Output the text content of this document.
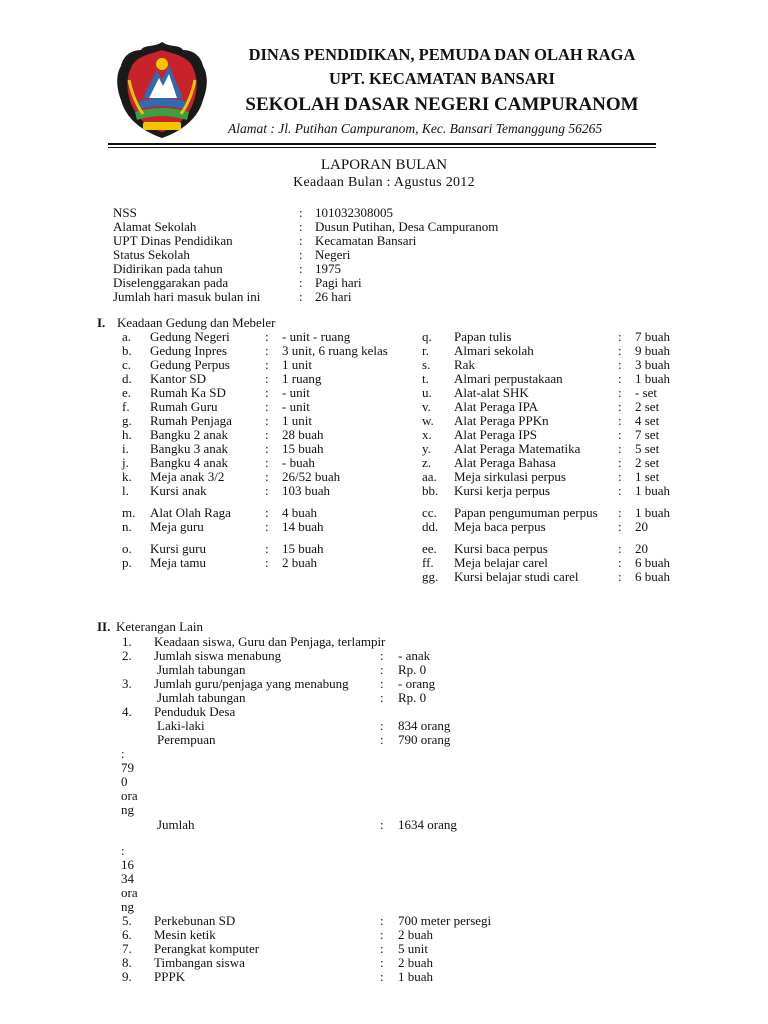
DINAS PENDIDIKAN, PEMUDA DAN OLAH RAGA
UPT. KECAMATAN BANSARI
SEKOLAH DASAR NEGERI CAMPURANOM
Alamat : Jl. Putihan Campuranom, Kec. Bansari Temanggung 56265
LAPORAN BULAN
Keadaan Bulan : Agustus 2012
NSS	: 101032308005
Alamat Sekolah	: Dusun Putihan, Desa Campuranom
UPT Dinas Pendidikan	: Kecamatan Bansari
Status Sekolah	: Negeri
Didirikan pada tahun	: 1975
Diselenggarakan pada	: Pagi hari
Jumlah hari masuk bulan ini	: 26 hari
I. Keadaan Gedung dan Mebeler
a. Gedung Negeri	: - unit - ruang	q. Papan tulis	: 7 buah
b. Gedung Inpres	: 3 unit, 6 ruang kelas	r. Almari sekolah	: 9 buah
c. Gedung Perpus	: 1 unit	s. Rak	: 3 buah
d. Kantor SD	: 1 ruang	t. Almari perpustakaan	: 1 buah
e. Rumah Ka SD	: - unit	u. Alat-alat SHK	: - set
f. Rumah Guru	: - unit	v. Alat Peraga IPA	: 2 set
g. Rumah Penjaga	: 1 unit	w. Alat Peraga PPKn	: 4 set
h. Bangku 2 anak	: 28 buah	x. Alat Peraga IPS	: 7 set
i. Bangku 3 anak	: 15 buah	y. Alat Peraga Matematika	: 5 set
j. Bangku 4 anak	: - buah	z. Alat Peraga Bahasa	: 2 set
k. Meja anak 3/2	: 26/52 buah	aa. Meja sirkulasi perpus	: 1 set
l. Kursi anak	: 103 buah	bb. Kursi kerja perpus	: 1 buah
m. Alat Olah Raga	: 4 buah	cc. Papan pengumuman perpus : 1 buah
n. Meja guru	: 14 buah	dd. Meja baca perpus	: 20
o. Kursi guru	: 15 buah	ee. Kursi baca perpus	: 20
p. Meja tamu	: 2 buah	ff. Meja belajar carel	: 6 buah
gg. Kursi belajar studi carel	: 6 buah
II. Keterangan Lain
1. Keadaan siswa, Guru dan Penjaga, terlampir
2. Jumlah siswa menabung	: - anak
Jumlah tabungan	: Rp. 0
3. Jumlah guru/penjaga yang menabung : - orang
Jumlah tabungan	: Rp. 0
4. Penduduk Desa
Laki-laki	: 834 orang
Perempuan	: 790 orang
:
79
0
ora
ng
Jumlah	: 1634 orang
:
16
34
ora
ng
5. Perkebunan SD	: 700 meter persegi
6. Mesin ketik	: 2 buah
7. Perangkat komputer	: 5 unit
8. Timbangan siswa	: 2 buah
9. PPPK	: 1 buah
